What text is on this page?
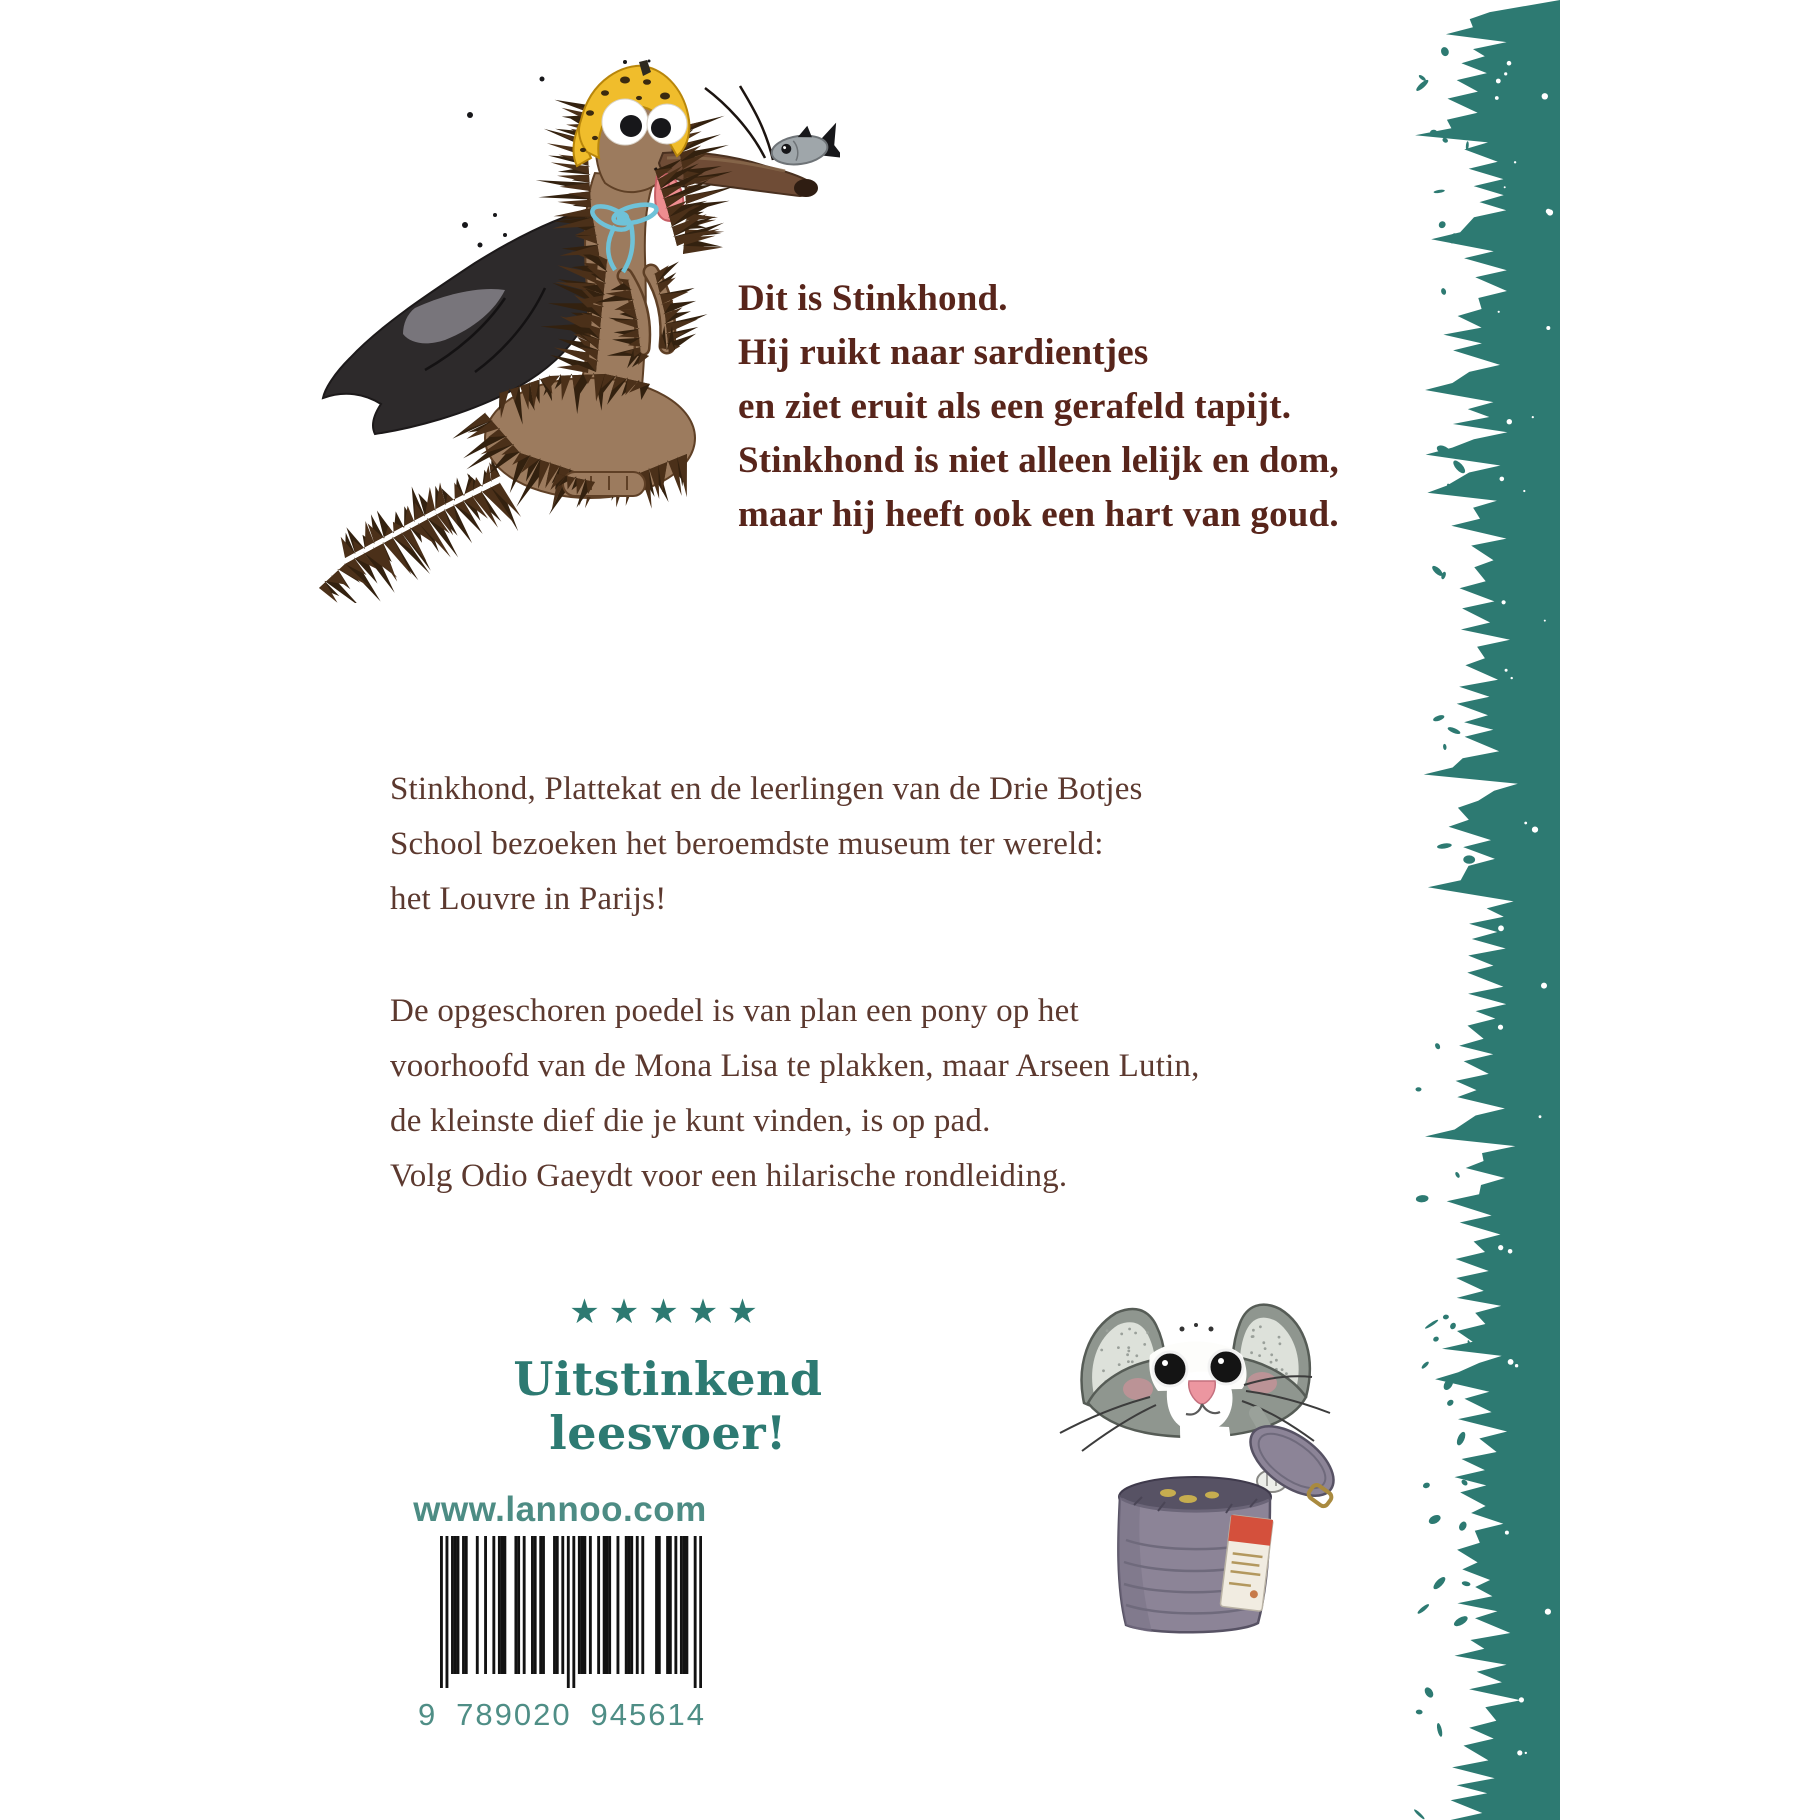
Dit is Stinkhond.
Hij ruikt naar sardientjes
en ziet eruit als een gerafeld tapijt.
Stinkhond is niet alleen lelijk en dom,
maar hij heeft ook een hart van goud.
Stinkhond, Plattekat en de leerlingen van de Drie Botjes
School bezoeken het beroemdste museum ter wereld:
het Louvre in Parijs!
De opgeschoren poedel is van plan een pony op het
voorhoofd van de Mona Lisa te plakken, maar Arseen Lutin,
de kleinste dief die je kunt vinden, is op pad.
Volg Odio Gaeydt voor een hilarische rondleiding.
★★★★★
Uitstinkend leesvoer!
www.lannoo.com
9 789020 945614
